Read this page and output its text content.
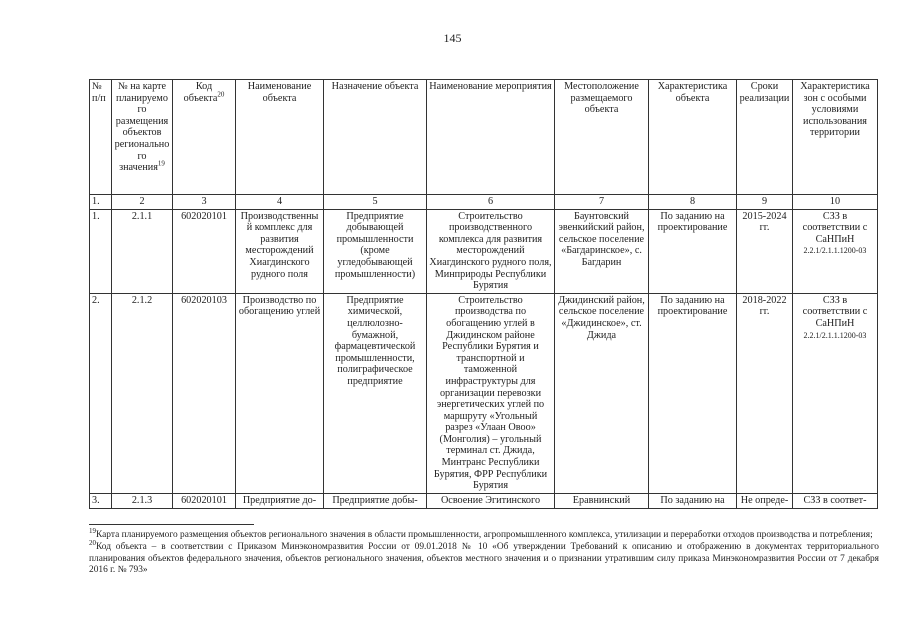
145
№ п/п	№ на карте планируемого размещения объектов регионального значения$^{19}$	Код объекта$^{20}$	Наименование объекта	Назначение объекта	Наименование мероприятия	Местоположение размещаемого объекта	Характеристика объекта	Сроки реализации	Характеристика зон с особыми условиями использования территории
1.	2	3	4	5	6	7	8	9	10
1.	2.1.1	602020101	Производственный комплекс для развития месторождений Хиагдинского рудного поля	Предприятие добывающей промышленности (кроме угледобывающей промышленности)	Строительство производственного комплекса для развития месторождений Хиагдинского рудного поля, Минприроды Республики Бурятия	Баунтовский эвенкийский район, сельское поселение «Багдаринское», с. Багдарин	По заданию на проектирование	2015-2024 гг.	СЗЗ в соответствии с СаНПиН
2.2.1/2.1.1.1200-03
2.	2.1.2	602020103	Производство по обогащению углей	Предприятие химической, целлюлозно-бумажной, фармацевтической промышленности, полиграфическое предприятие	Строительство производства по обогащению углей в Джидинском районе Республики Бурятия и транспортной и таможенной инфраструктуры для организации перевозки энергетических углей по маршруту «Угольный разрез «Улаан Овоо» (Монголия) – угольный терминал ст. Джида, Минтранс Республики Бурятия, ФРР Республики Бурятия	Джидинский район, сельское поселение «Джидинское», ст. Джида	По заданию на проектирование	2018-2022 гг.	СЗЗ в соответствии с СаНПиН
2.2.1/2.1.1.1200-03
3.	2.1.3	602020101	Предприятие до-	Предприятие добы-	Освоение Эгитинского	Еравнинский	По заданию на	Не опреде-	СЗЗ в соответ-

$^{19}$Карта планируемого размещения объектов регионального значения в области промышленности, агропромышленного комплекса, утилизации и переработки отходов производства и потребления;

$^{20}$Код объекта – в соответствии с Приказом Минэкономразвития России от 09.01.2018 № 10 «Об утверждении Требований к описанию и отображению в документах территориального планирования объектов федерального значения, объектов регионального значения, объектов местного значения и о признании утратившим силу приказа Минэкономразвития России от 7 декабря 2016 г. № 793»
